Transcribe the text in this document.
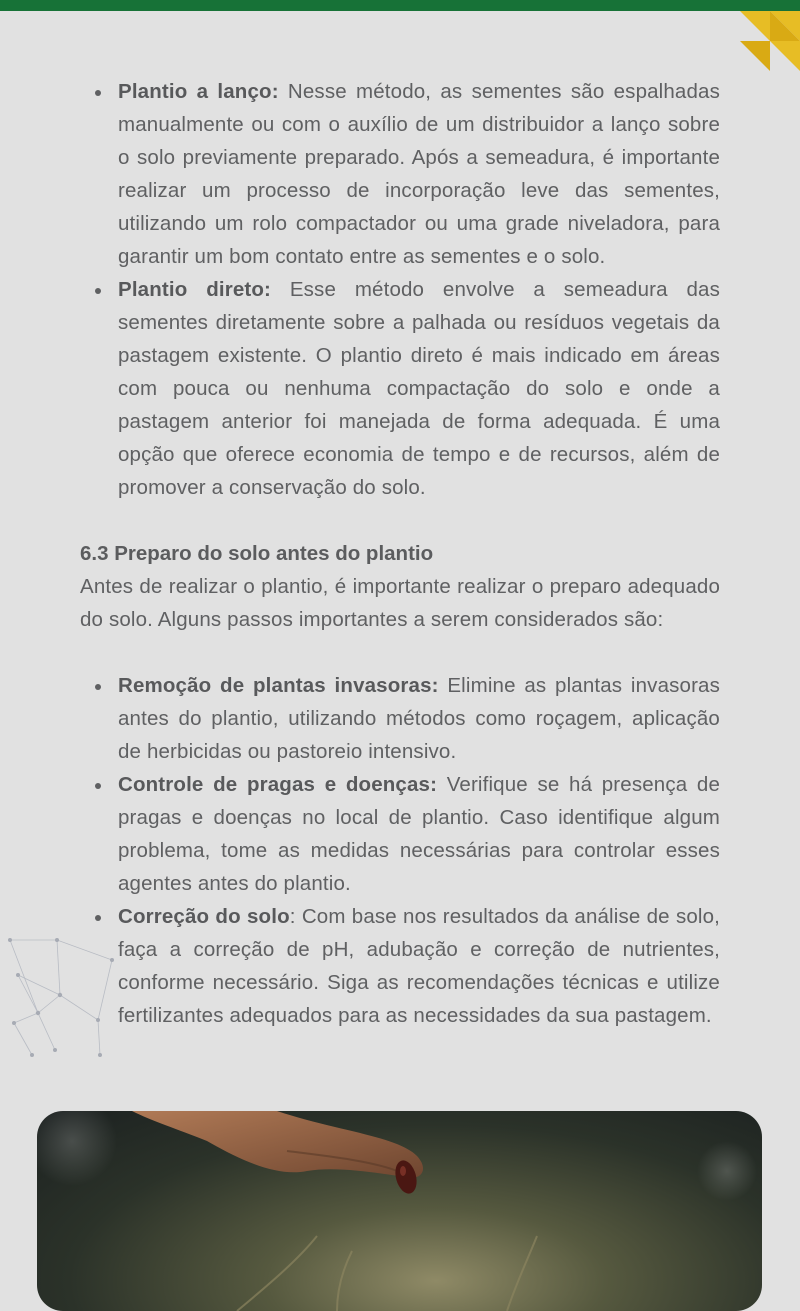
Plantio a lanço: Nesse método, as sementes são espalhadas manualmente ou com o auxílio de um distribuidor a lanço sobre o solo previamente preparado. Após a semeadura, é importante realizar um processo de incorporação leve das sementes, utilizando um rolo compactador ou uma grade niveladora, para garantir um bom contato entre as sementes e o solo.

Plantio direto: Esse método envolve a semeadura das sementes diretamente sobre a palhada ou resíduos vegetais da pastagem existente. O plantio direto é mais indicado em áreas com pouca ou nenhuma compactação do solo e onde a pastagem anterior foi manejada de forma adequada. É uma opção que oferece economia de tempo e de recursos, além de promover a conservação do solo.

6.3 Preparo do solo antes do plantio

Antes de realizar o plantio, é importante realizar o preparo adequado do solo. Alguns passos importantes a serem considerados são:

Remoção de plantas invasoras: Elimine as plantas invasoras antes do plantio, utilizando métodos como roçagem, aplicação de herbicidas ou pastoreio intensivo.

Controle de pragas e doenças: Verifique se há presença de pragas e doenças no local de plantio. Caso identifique algum problema, tome as medidas necessárias para controlar esses agentes antes do plantio.

Correção do solo: Com base nos resultados da análise de solo, faça a correção de pH, adubação e correção de nutrientes, conforme necessário. Siga as recomendações técnicas e utilize fertilizantes adequados para as necessidades da sua pastagem.
